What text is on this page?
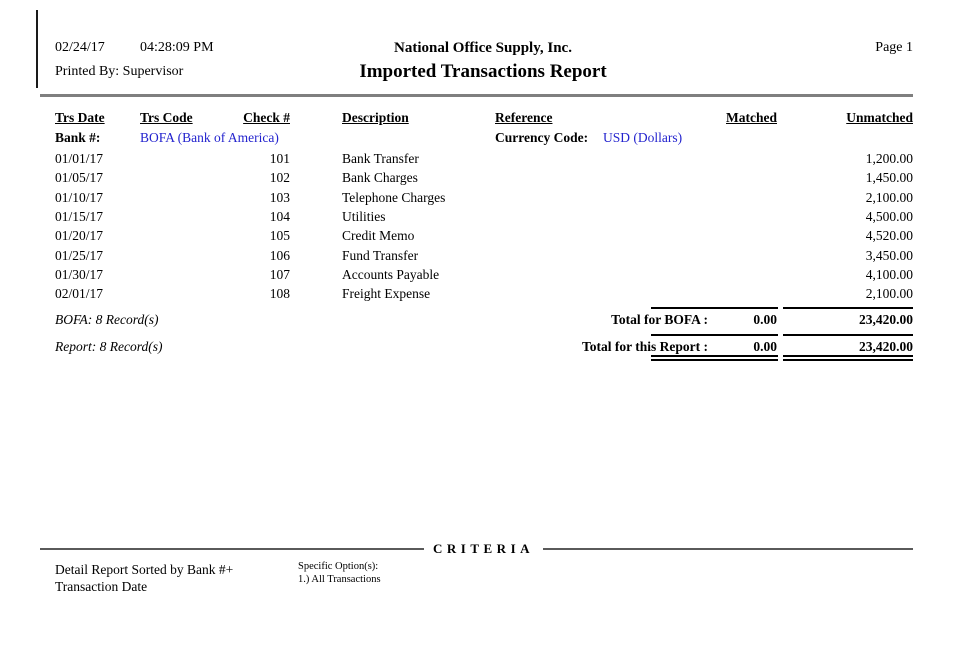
02/24/17	04:28:09 PM	National Office Supply, Inc.	Page 1
Printed By: Supervisor	Imported Transactions Report
Trs Date	Trs Code	Check #	Description	Reference	Matched	Unmatched
Bank #:	BOFA (Bank of America)	Currency Code: USD (Dollars)
01/01/17	101	Bank Transfer	1,200.00
01/05/17	102	Bank Charges	1,450.00
01/10/17	103	Telephone Charges	2,100.00
01/15/17	104	Utilities	4,500.00
01/20/17	105	Credit Memo	4,520.00
01/25/17	106	Fund Transfer	3,450.00
01/30/17	107	Accounts Payable	4,100.00
02/01/17	108	Freight Expense	2,100.00
BOFA: 8 Record(s)	Total for BOFA :	0.00	23,420.00
Report: 8 Record(s)	Total for this Report :	0.00	23,420.00
CRITERIA
Detail Report Sorted by Bank #+
Transaction Date
Specific Option(s):
1.) All Transactions
